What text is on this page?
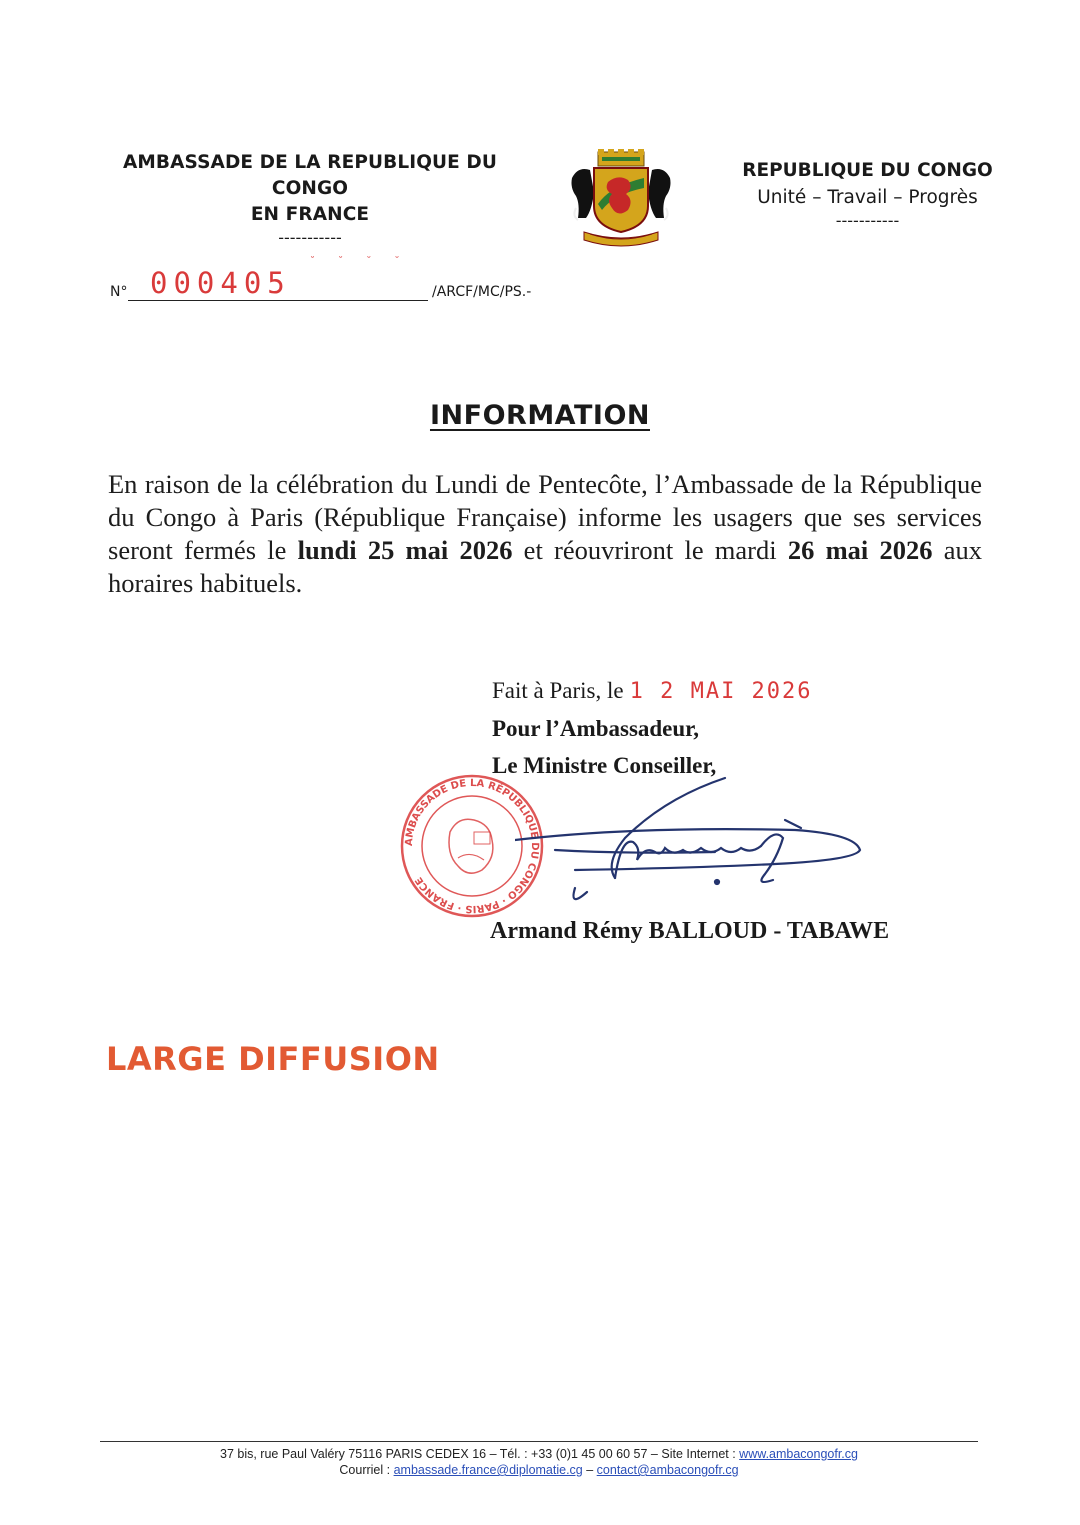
AMBASSADE DE LA REPUBLIQUE DU CONGO
EN FRANCE
-----------
REPUBLIQUE DU CONGO
Unité – Travail – Progrès
-----------
˘ ˘ ˘ ˘
N° 000405	/ARCF/MC/PS.-
INFORMATION
En raison de la célébration du Lundi de Pentecôte, l’Ambassade de la République du Congo à Paris (République Française) informe les usagers que ses services seront fermés le lundi 25 mai 2026 et réouvriront le mardi 26 mai 2026 aux horaires habituels.
Fait à Paris, le 1 2 MAI 2026
Pour l’Ambassadeur,
Le Ministre Conseiller,
AMBASSADE DE LA RÉPUBLIQUE DU CONGO · PARIS · FRANCE
Armand Rémy BALLOUD - TABAWE
LARGE DIFFUSION
37 bis, rue Paul Valéry 75116 PARIS CEDEX 16 – Tél. : +33 (0)1 45 00 60 57 – Site Internet : www.ambacongofr.cg
Courriel : ambassade.france@diplomatie.cg – contact@ambacongofr.cg
